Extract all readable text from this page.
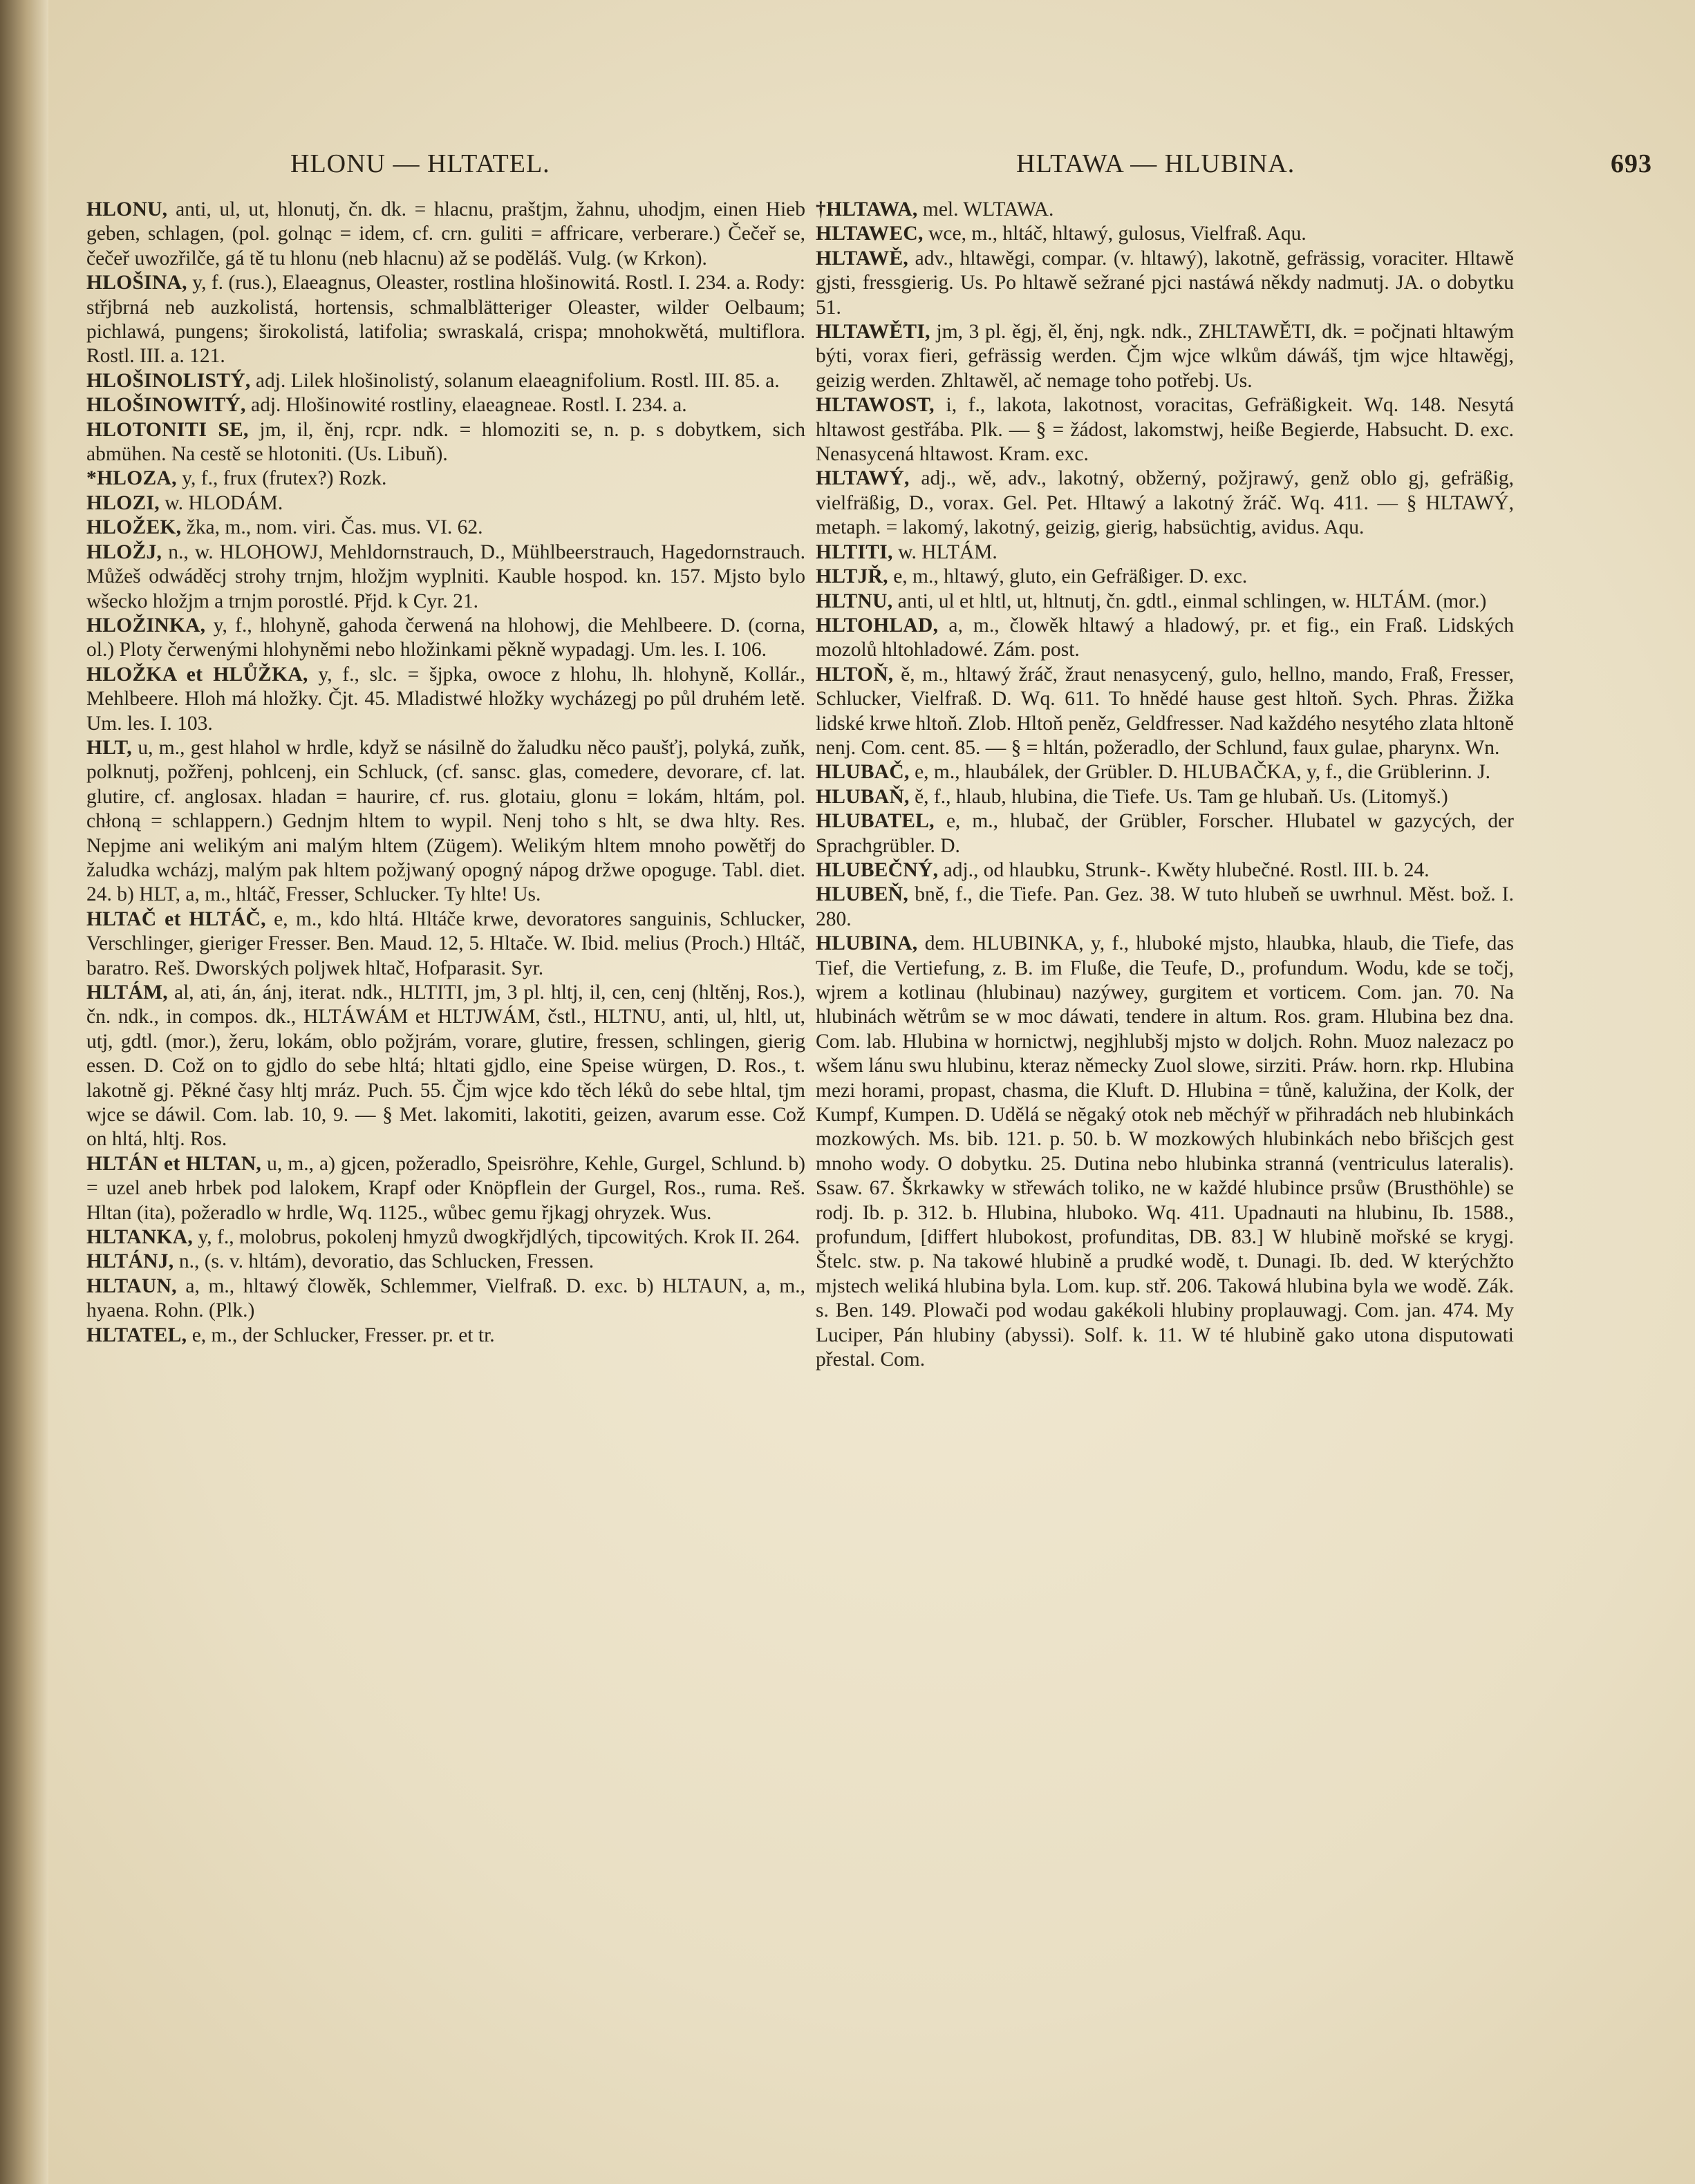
HLONU — HLTATEL.	HLTAWA — HLUBINA.	693

HLONU, anti, ul, ut, hlonutj, čn. dk. = hlacnu, praštjm, žahnu, uhodjm, einen Hieb geben, schlagen, (pol. golnąc = idem, cf. crn. guliti = affricare, verberare.) Čečeř se, čečeř uwozřilče, gá tě tu hlonu (neb hlacnu) až se poděláš. Vulg. (w Krkon).

HLOŠINA, y, f. (rus.), Elaeagnus, Oleaster, rostlina hlošinowitá. Rostl. I. 234. a. Rody: střjbrná neb auzkolistá, hortensis, schmalblätteriger Oleaster, wilder Oelbaum; pichlawá, pungens; širokolistá, latifolia; swraskalá, crispa; mnohokwětá, multiflora. Rostl. III. a. 121.

HLOŠINOLISTÝ, adj. Lilek hlošinolistý, solanum elaeagnifolium. Rostl. III. 85. a.

HLOŠINOWITÝ, adj. Hlošinowité rostliny, elaeagneae. Rostl. I. 234. a.

HLOTONITI SE, jm, il, ěnj, rcpr. ndk. = hlomoziti se, n. p. s dobytkem, sich abmühen. Na cestě se hlotoniti. (Us. Libuň).

*HLOZA, y, f., frux (frutex?) Rozk.

HLOZI, w. HLODÁM.

HLOŽEK, žka, m., nom. viri. Čas. mus. VI. 62.

HLOŽJ, n., w. HLOHOWJ, Mehldornstrauch, D., Mühlbeerstrauch, Hagedornstrauch. Můžeš odwáděcj strohy trnjm, hložjm wyplniti. Kauble hospod. kn. 157. Mjsto bylo wšecko hložjm a trnjm porostlé. Přjd. k Cyr. 21.

HLOŽINKA, y, f., hlohyně, gahoda čerwená na hlohowj, die Mehlbeere. D. (corna, ol.) Ploty čerwenými hlohyněmi nebo hložinkami pěkně wypadagj. Um. les. I. 106.

HLOŽKA et HLŮŽKA, y, f., slc. = šjpka, owoce z hlohu, lh. hlohyně, Kollár., Mehlbeere. Hloh má hložky. Čjt. 45. Mladistwé hložky wycházegj po půl druhém letě. Um. les. I. 103.

HLT, u, m., gest hlahol w hrdle, když se násilně do žaludku něco paušťj, polyká, zuňk, polknutj, požřenj, pohlcenj, ein Schluck, (cf. sansc. glas, comedere, devorare, cf. lat. glutire, cf. anglosax. hladan = haurire, cf. rus. glotaiu, glonu = lokám, hltám, pol. chłoną = schlappern.) Gednjm hltem to wypil. Nenj toho s hlt, se dwa hlty. Res. Nepjme ani welikým ani malým hltem (Zügem). Welikým hltem mnoho powětřj do žaludka wcházj, malým pak hltem požjwaný opogný nápog držwe opoguge. Tabl. diet. 24. b) HLT, a, m., hltáč, Fresser, Schlucker. Ty hlte! Us.

HLTAČ et HLTÁČ, e, m., kdo hltá. Hltáče krwe, devoratores sanguinis, Schlucker, Verschlinger, gieriger Fresser. Ben. Maud. 12, 5. Hltače. W. Ibid. melius (Proch.) Hltáč, baratro. Reš. Dworských poljwek hltač, Hofparasit. Syr.

HLTÁM, al, ati, án, ánj, iterat. ndk., HLTITI, jm, 3 pl. hltj, il, cen, cenj (hltěnj, Ros.), čn. ndk., in compos. dk., HLTÁWÁM et HLTJWÁM, čstl., HLTNU, anti, ul, hltl, ut, utj, gdtl. (mor.), žeru, lokám, oblo požjrám, vorare, glutire, fressen, schlingen, gierig essen. D. Což on to gjdlo do sebe hltá; hltati gjdlo, eine Speise würgen, D. Ros., t. lakotně gj. Pěkné časy hltj mráz. Puch. 55. Čjm wjce kdo těch léků do sebe hltal, tjm wjce se dáwil. Com. lab. 10, 9. — § Met. lakomiti, lakotiti, geizen, avarum esse. Což on hltá, hltj. Ros.

HLTÁN et HLTAN, u, m., a) gjcen, požeradlo, Speisröhre, Kehle, Gurgel, Schlund. b) = uzel aneb hrbek pod lalokem, Krapf oder Knöpflein der Gurgel, Ros., ruma. Reš. Hltan (ita), požeradlo w hrdle, Wq. 1125., wůbec gemu řjkagj ohryzek. Wus.

HLTANKA, y, f., molobrus, pokolenj hmyzů dwogkřjdlých, tipcowitých. Krok II. 264.

HLTÁNJ, n., (s. v. hltám), devoratio, das Schlucken, Fressen.

HLTAUN, a, m., hltawý člowěk, Schlemmer, Vielfraß. D. exc. b) HLTAUN, a, m., hyaena. Rohn. (Plk.)

HLTATEL, e, m., der Schlucker, Fresser. pr. et tr.

†HLTAWA, mel. WLTAWA.

HLTAWEC, wce, m., hltáč, hltawý, gulosus, Vielfraß. Aqu.

HLTAWĚ, adv., hltawěgi, compar. (v. hltawý), lakotně, gefrässig, voraciter. Hltawě gjsti, fressgierig. Us. Po hltawě sežrané pjci nastáwá někdy nadmutj. JA. o dobytku 51.

HLTAWĚTI, jm, 3 pl. ěgj, ěl, ěnj, ngk. ndk., ZHLTAWĚTI, dk. = počjnati hltawým býti, vorax fieri, gefrässig werden. Čjm wjce wlkům dáwáš, tjm wjce hltawěgj, geizig werden. Zhltawěl, ač nemage toho potřebj. Us.

HLTAWOST, i, f., lakota, lakotnost, voracitas, Gefräßigkeit. Wq. 148. Nesytá hltawost gestřába. Plk. — § = žádost, lakomstwj, heiße Begierde, Habsucht. D. exc. Nenasycená hltawost. Kram. exc.

HLTAWÝ, adj., wě, adv., lakotný, obžerný, požjrawý, genž oblo gj, gefräßig, vielfräßig, D., vorax. Gel. Pet. Hltawý a lakotný žráč. Wq. 411. — § HLTAWÝ, metaph. = lakomý, lakotný, geizig, gierig, habsüchtig, avidus. Aqu.

HLTITI, w. HLTÁM.

HLTJŘ, e, m., hltawý, gluto, ein Gefräßiger. D. exc.

HLTNU, anti, ul et hltl, ut, hltnutj, čn. gdtl., einmal schlingen, w. HLTÁM. (mor.)

HLTOHLAD, a, m., člowěk hltawý a hladowý, pr. et fig., ein Fraß. Lidských mozolů hltohladowé. Zám. post.

HLTOŇ, ě, m., hltawý žráč, žraut nenasycený, gulo, hellno, mando, Fraß, Fresser, Schlucker, Vielfraß. D. Wq. 611. To hnědé hause gest hltoň. Sych. Phras. Žižka lidské krwe hltoň. Zlob. Hltoň peněz, Geldfresser. Nad každého nesytého zlata hltoně nenj. Com. cent. 85. — § = hltán, požeradlo, der Schlund, faux gulae, pharynx. Wn.

HLUBAČ, e, m., hlaubálek, der Grübler. D. HLUBAČKA, y, f., die Grüblerinn. J.

HLUBAŇ, ě, f., hlaub, hlubina, die Tiefe. Us. Tam ge hlubaň. Us. (Litomyš.)

HLUBATEL, e, m., hlubač, der Grübler, Forscher. Hlubatel w gazycých, der Sprachgrübler. D.

HLUBEČNÝ, adj., od hlaubku, Strunk-. Kwěty hlubečné. Rostl. III. b. 24.

HLUBEŇ, bně, f., die Tiefe. Pan. Gez. 38. W tuto hlubeň se uwrhnul. Měst. bož. I. 280.

HLUBINA, dem. HLUBINKA, y, f., hluboké mjsto, hlaubka, hlaub, die Tiefe, das Tief, die Vertiefung, z. B. im Fluße, die Teufe, D., profundum. Wodu, kde se točj, wjrem a kotlinau (hlubinau) nazýwey, gurgitem et vorticem. Com. jan. 70. Na hlubinách wětrům se w moc dáwati, tendere in altum. Ros. gram. Hlubina bez dna. Com. lab. Hlubina w hornictwj, negjhlubšj mjsto w doljch. Rohn. Muoz nalezacz po wšem lánu swu hlubinu, kteraz německy Zuol slowe, sirziti. Práw. horn. rkp. Hlubina mezi horami, propast, chasma, die Kluft. D. Hlubina = tůně, kalužina, der Kolk, der Kumpf, Kumpen. D. Udělá se nĕgaký otok neb měchýř w přihradách neb hlubinkách mozkowých. Ms. bib. 121. p. 50. b. W mozkowých hlubinkách nebo břišcjch gest mnoho wody. O dobytku. 25. Dutina nebo hlubinka stranná (ventriculus lateralis). Ssaw. 67. Škrkawky w střewách toliko, ne w každé hlubince prsůw (Brusthöhle) se rodj. Ib. p. 312. b. Hlubina, hluboko. Wq. 411. Upadnauti na hlubinu, Ib. 1588., profundum, [differt hlubokost, profunditas, DB. 83.] W hlubině mořské se krygj. Štelc. stw. p. Na takowé hlubině a prudké wodě, t. Dunagi. Ib. ded. W kterýchžto mjstech weliká hlubina byla. Lom. kup. stř. 206. Takowá hlubina byla we wodě. Zák. s. Ben. 149. Plowači pod wodau gakékoli hlubiny proplauwagj. Com. jan. 474. My Luciper, Pán hlubiny (abyssi). Solf. k. 11. W té hlubině gako utona disputowati přestal. Com.
